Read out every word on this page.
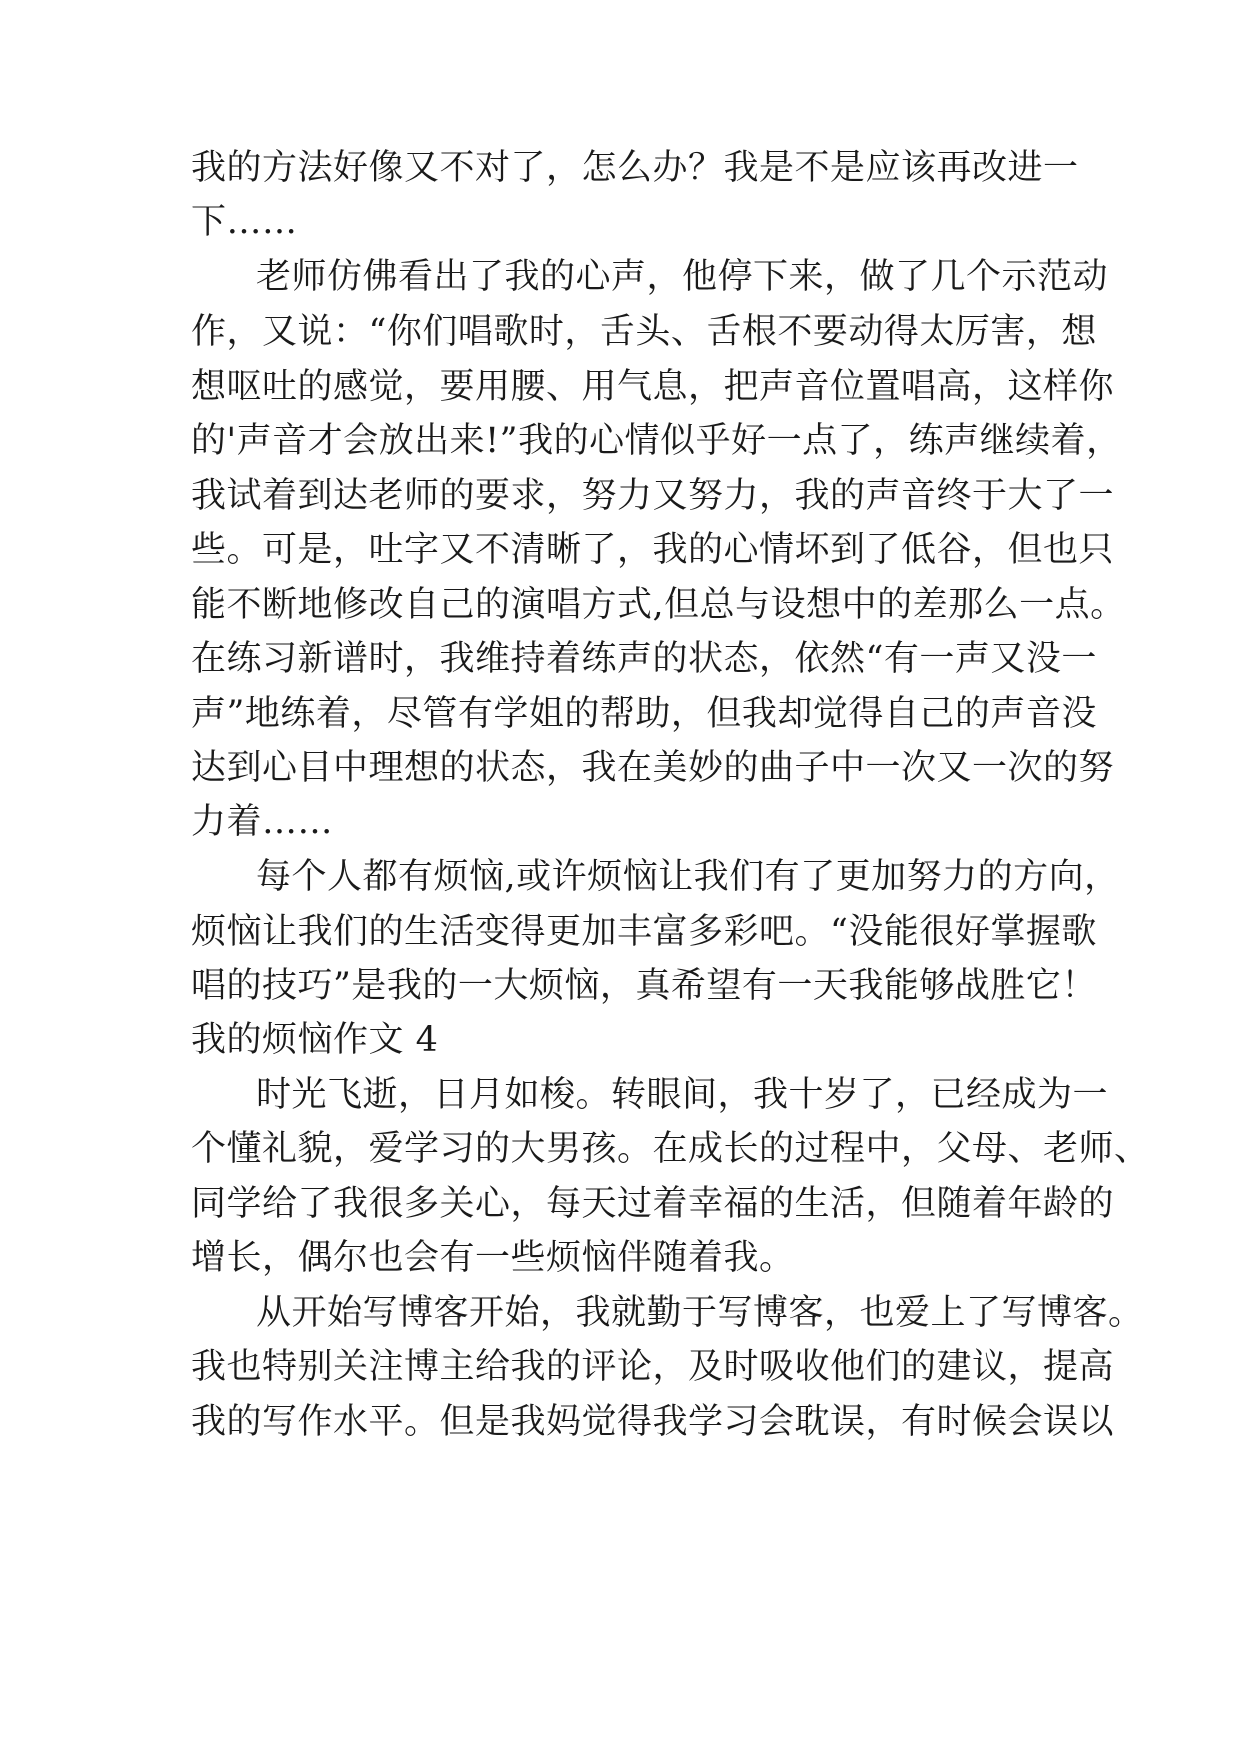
我的方法好像又不对了，怎么办？我是不是应该再改进一
下……
老师仿佛看出了我的心声，他停下来，做了几个示范动
作，又说：“你们唱歌时，舌头、舌根不要动得太厉害，想
想呕吐的感觉，要用腰、用气息，把声音位置唱高，这样你
的'声音才会放出来!”我的心情似乎好一点了，练声继续着，
我试着到达老师的要求，努力又努力，我的声音终于大了一
些。可是，吐字又不清晰了，我的心情坏到了低谷，但也只
能不断地修改自己的演唱方式,但总与设想中的差那么一点。
在练习新谱时，我维持着练声的状态，依然“有一声又没一
声”地练着，尽管有学姐的帮助，但我却觉得自己的声音没
达到心目中理想的状态，我在美妙的曲子中一次又一次的努
力着……
每个人都有烦恼,或许烦恼让我们有了更加努力的方向，
烦恼让我们的生活变得更加丰富多彩吧。“没能很好掌握歌
唱的技巧”是我的一大烦恼，真希望有一天我能够战胜它！
我的烦恼作文 4
时光飞逝，日月如梭。转眼间，我十岁了，已经成为一
个懂礼貌，爱学习的大男孩。在成长的过程中，父母、老师、
同学给了我很多关心，每天过着幸福的生活，但随着年龄的
增长，偶尔也会有一些烦恼伴随着我。
从开始写博客开始，我就勤于写博客，也爱上了写博客。
我也特别关注博主给我的评论，及时吸收他们的建议，提高
我的写作水平。但是我妈觉得我学习会耽误，有时候会误以
